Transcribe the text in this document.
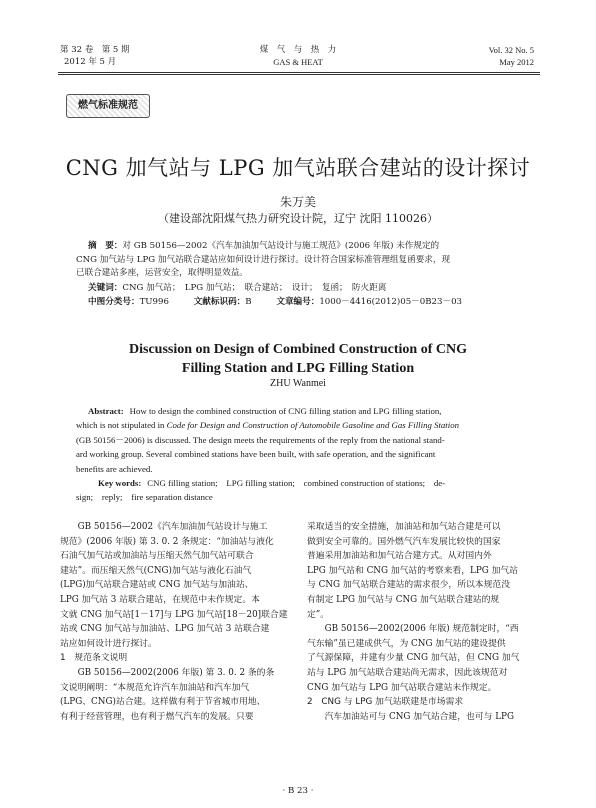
第 32 卷　第 5 期
2012 年 5 月
煤　气　与　热　力
GAS & HEAT
Vol. 32 No. 5
May 2012
燃气标准规范
CNG 加气站与 LPG 加气站联合建站的设计探讨
朱万美
（建设部沈阳煤气热力研究设计院，辽宁 沈阳 110026）
摘　要：对 GB 50156—2002《汽车加油加气站设计与施工规范》(2006 年版) 未作规定的
CNG 加气站与 LPG 加气站联合建站应如何设计进行探讨。设计符合国家标准管理组复函要求，现
已联合建站多座，运营安全，取得明显效益。
关键词：CNG 加气站；　LPG 加气站；　联合建站；　设计；　复函；　防火距离
中图分类号：TU996	文献标识码：B	文章编号：1000－4416(2012)05－0B23－03
Discussion on Design of Combined Construction of CNG
Filling Station and LPG Filling Station
ZHU Wanmei
Abstract: How to design the combined construction of CNG filling station and LPG filling station,
which is not stipulated in Code for Design and Construction of Automobile Gasoline and Gas Filling Station
(GB 50156－2006) is discussed. The design meets the requirements of the reply from the national stand-
ard working group. Several combined stations have been built, with safe operation, and the significant
benefits are achieved.
Key words: CNG filling station;　LPG filling station;　combined construction of stations;　de-
sign;　reply;　fire separation distance

　　GB 50156—2002《汽车加油加气站设计与施工

规范》(2006 年版) 第 3. 0. 2 条规定：“加油站与液化

石油气加气站或加油站与压缩天然气加气站可联合

建站”。而压缩天然气(CNG)加气站与液化石油气

(LPG)加气站联合建站或 CNG 加气站与加油站、

LPG 加气站 3 站联合建站，在规范中未作规定。本

文就 CNG 加气站[1－17]与 LPG 加气站[18－20]联合建

站或 CNG 加气站与加油站、LPG 加气站 3 站联合建

站应如何设计进行探讨。

1　规范条文说明

　　GB 50156—2002(2006 年版) 第 3. 0. 2 条的条

文说明阐明：“本规范允许汽车加油站和汽车加气

(LPG、CNG)站合建。这样做有利于节省城市用地、

有利于经营管理，也有利于燃气汽车的发展。只要

采取适当的安全措施，加油站和加气站合建是可以

做到安全可靠的。国外燃气汽车发展比较快的国家

普遍采用加油站和加气站合建方式。从对国内外

LPG 加气站和 CNG 加气站的考察来看，LPG 加气站

与 CNG 加气站联合建站的需求很少，所以本规范没

有制定 LPG 加气站与 CNG 加气站联合建站的规

定”。

　　GB 50156—2002(2006 年版) 规范制定时，“西

气东输”虽已建成供气，为 CNG 加气站的建设提供

了气源保障，并建有少量 CNG 加气站，但 CNG 加气

站与 LPG 加气站联合建站尚无需求，因此该规范对

CNG 加气站与 LPG 加气站联合建站未作规定。

2　CNG 与 LPG 加气站联建是市场需求

　　汽车加油站可与 CNG 加气站合建，也可与 LPG

· B 23 ·
